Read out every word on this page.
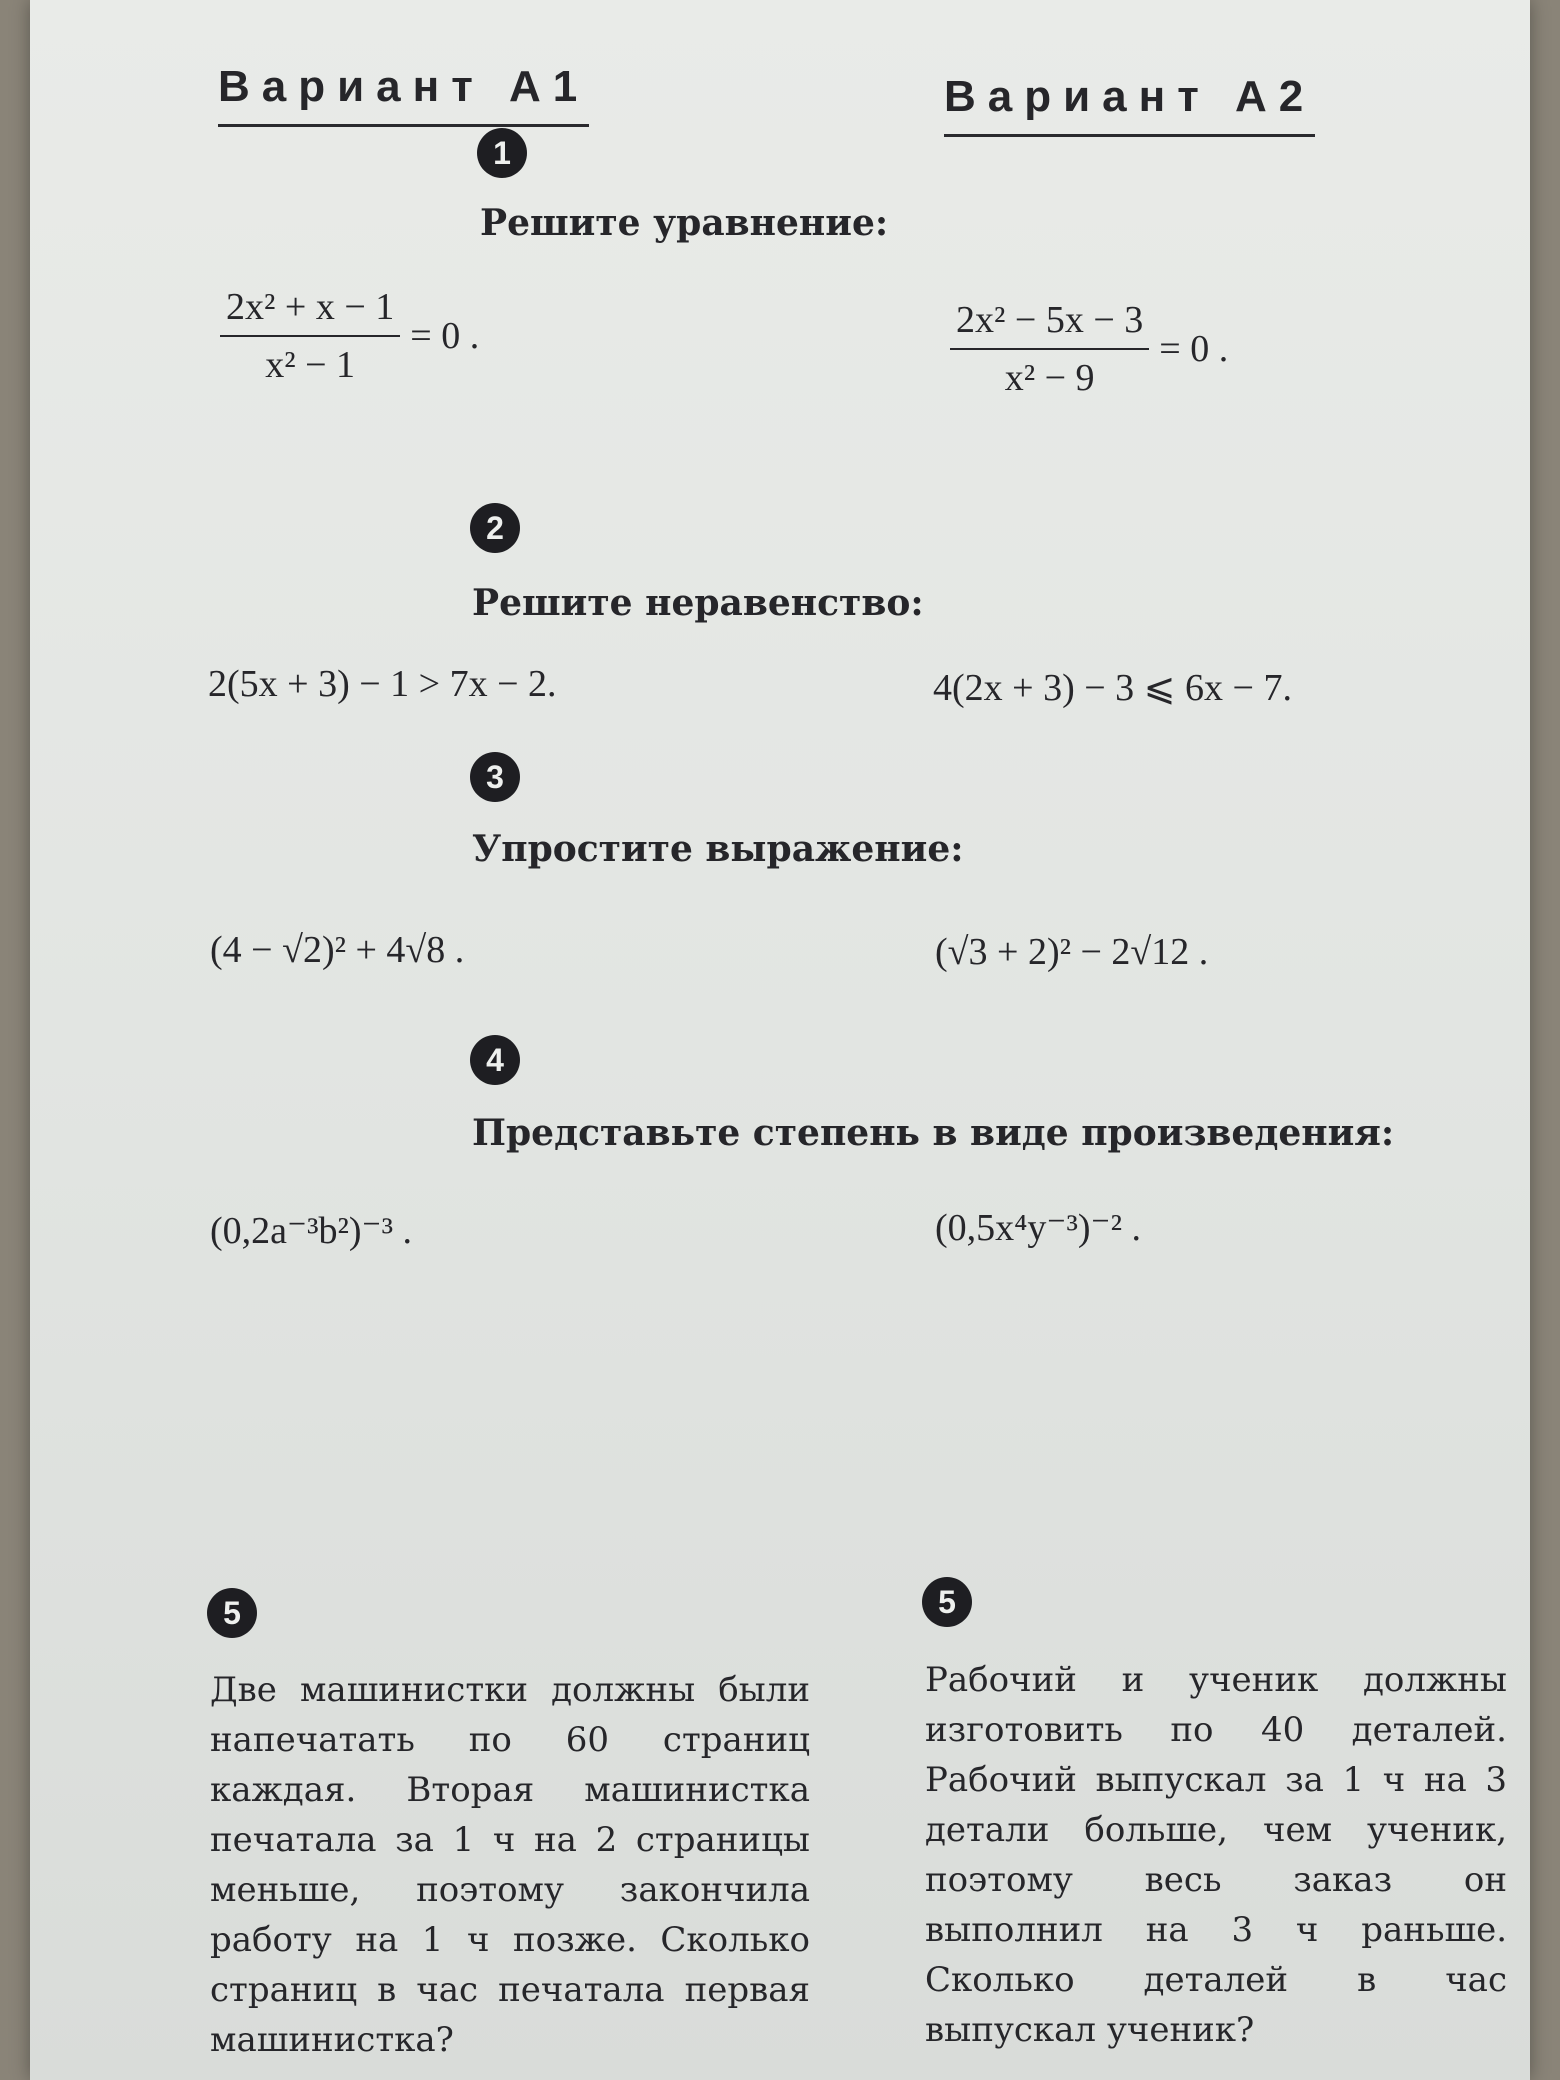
Вариант А1	Вариант А2
1
Решите уравнение:
$\frac{\text{2x² + x − 1}}{\text{x² − 1}} = 0$ .	$\frac{\text{2x² − 5x − 3}}{\text{x² − 9}} = 0$ .
2
Решите неравенство:
2(5x + 3) − 1 > 7x − 2.	4(2x + 3) − 3 ⩽ 6x − 7.
3
Упростите выражение:
(4 − √2)² + 4√8 .	(√3 + 2)² − 2√12 .
4
Представьте степень в виде произведения:
(0,2a⁻³b²)⁻³ .	(0,5x⁴y⁻³)⁻² .
5	5
Две машинистки должны были напечатать по 60 страниц каждая. Вторая машинистка печатала за 1 ч на 2 страницы меньше, поэтому закончила работу на 1 ч позже. Сколько страниц в час печатала первая машинистка?
Рабочий и ученик должны изготовить по 40 деталей. Рабочий выпускал за 1 ч на 3 детали больше, чем ученик, поэтому весь заказ он выполнил на 3 ч раньше. Сколько деталей в час выпускал ученик?
